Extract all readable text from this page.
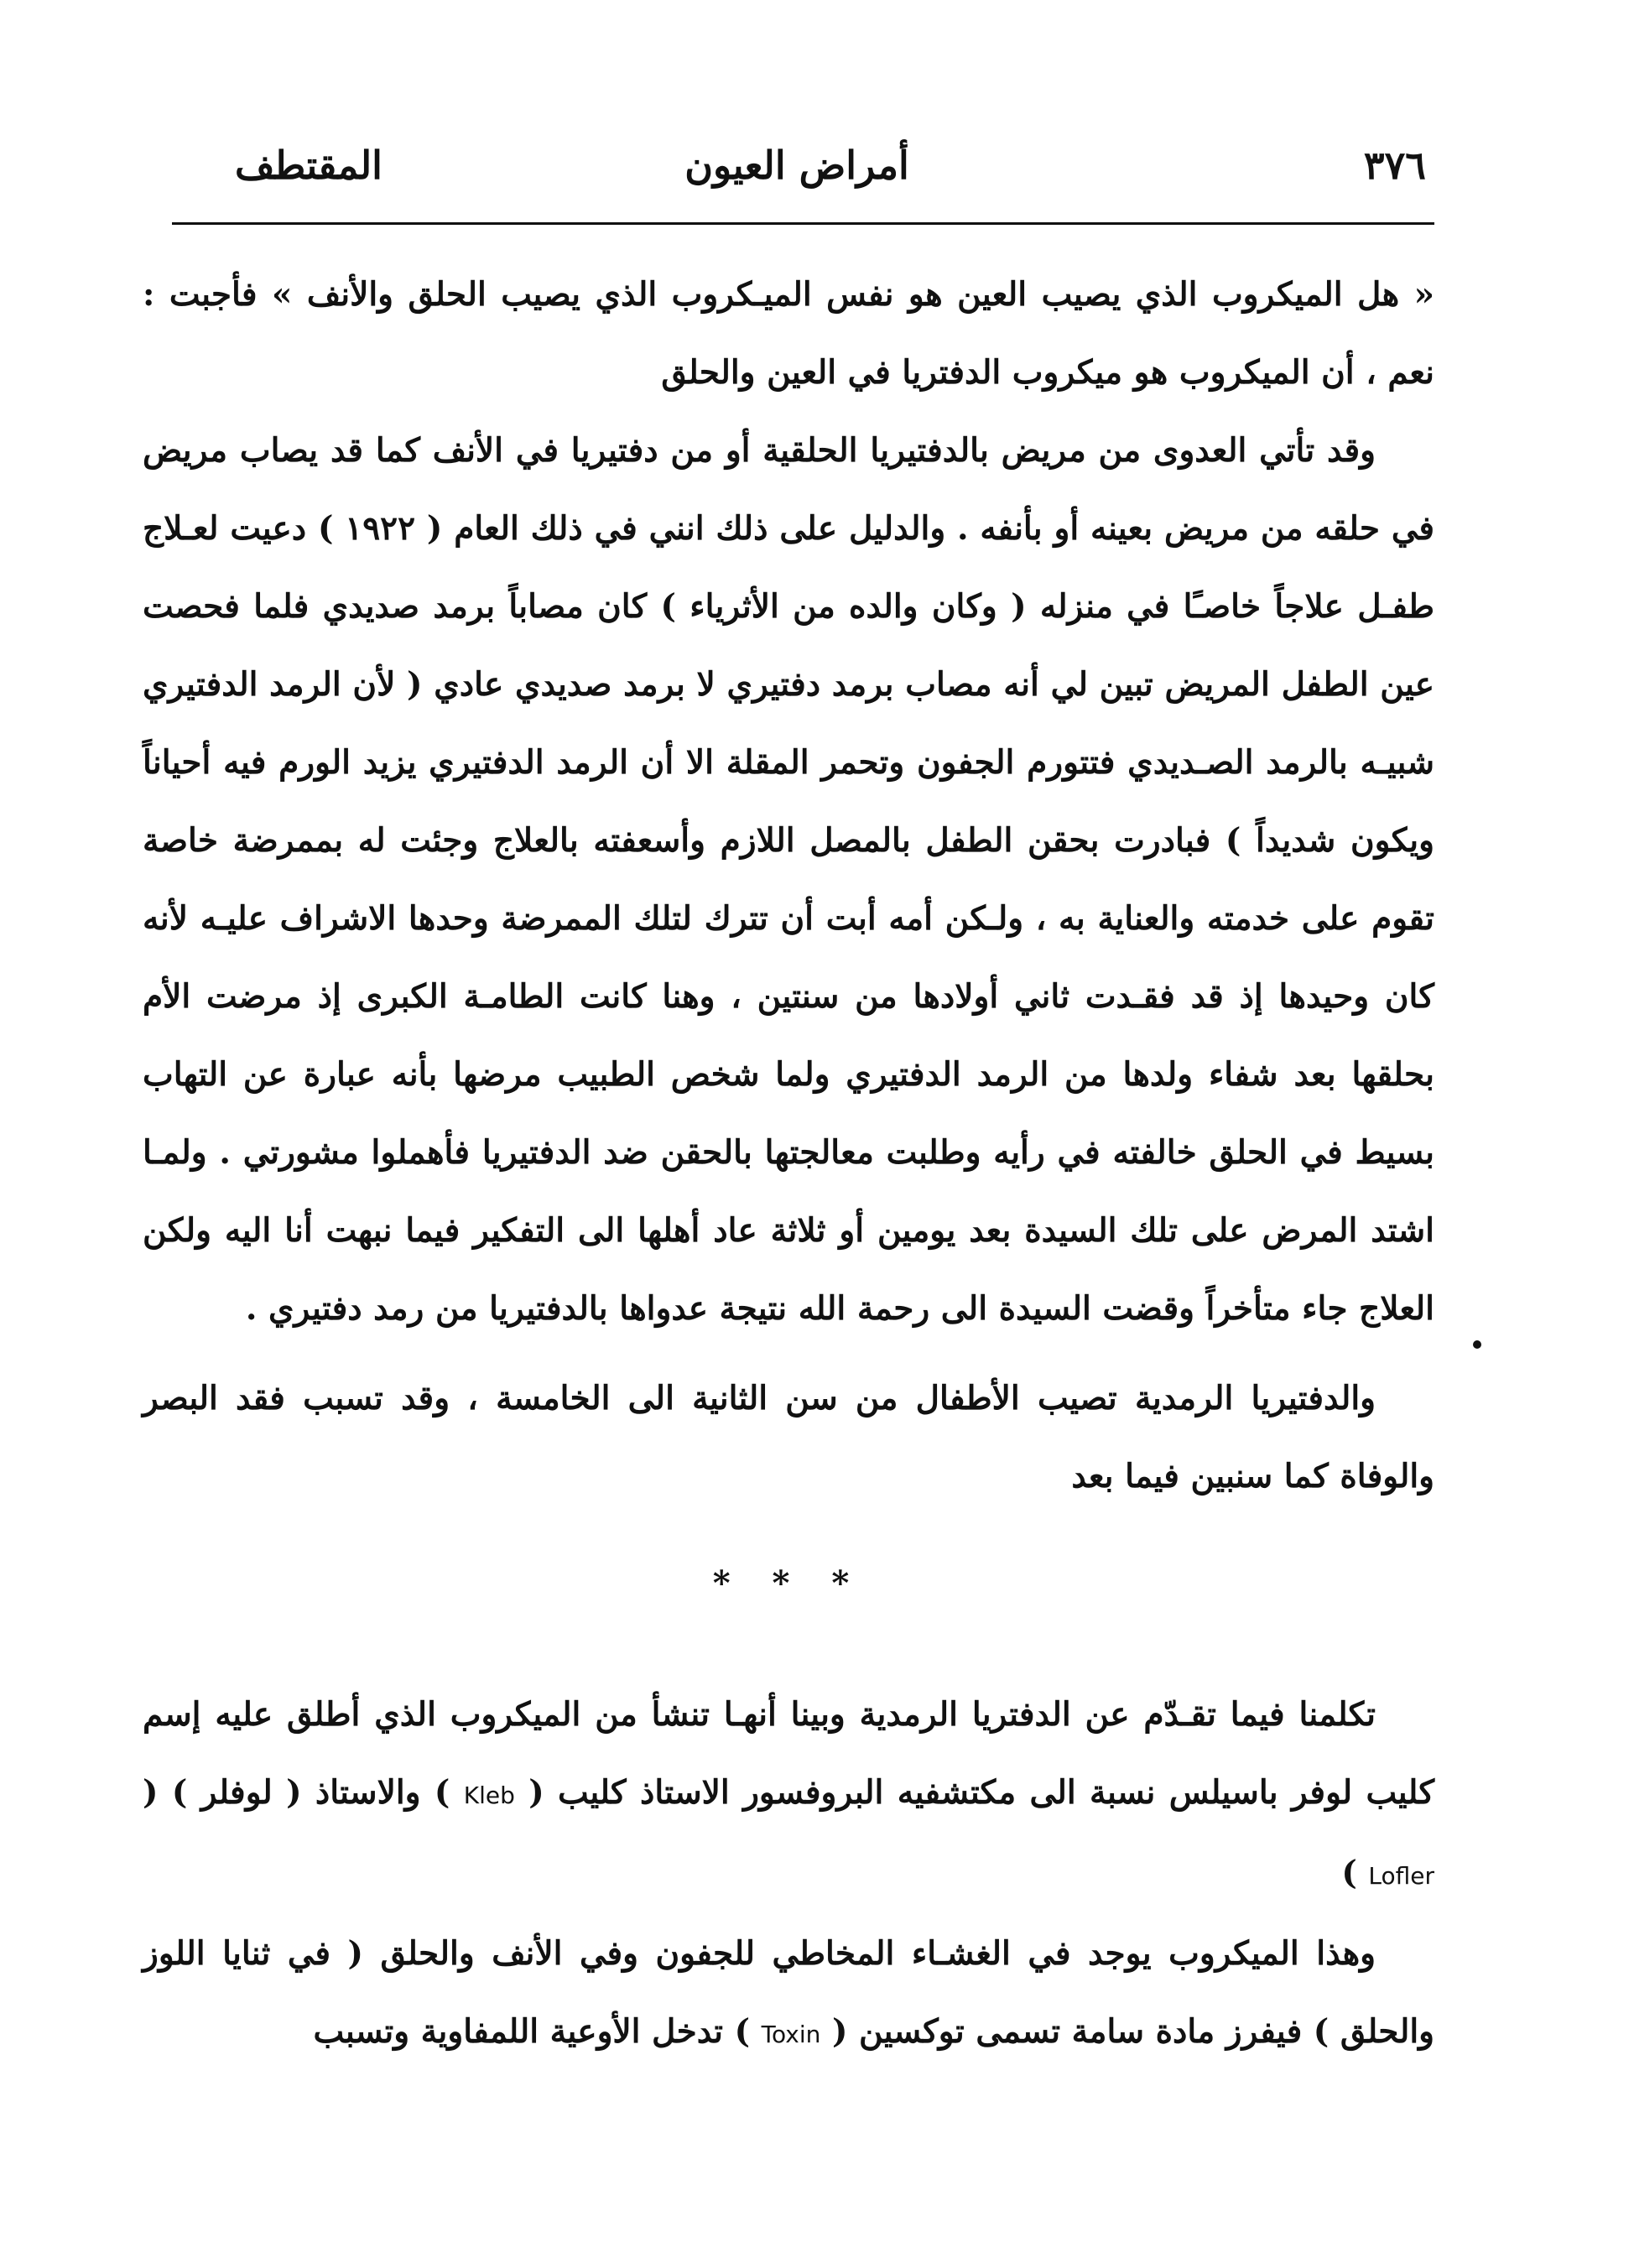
٣٧٦
أمراض العيون
المقتطف

« هل الميكروب الذي يصيب العين هو نفس الميـكروب الذي يصيب الحلق والأنف » فأجبت : نعم ، أن الميكروب هو ميكروب الدفتريا في العين والحلق

وقد تأتي العدوى من مريض بالدفتيريا الحلقية أو من دفتيريا في الأنف كما قد يصاب مريض في حلقه من مريض بعينه أو بأنفه . والدليل على ذلك انني في ذلك العام ( ١٩٢٢ ) دعيت لعـلاج طفـل علاجاً خاصـًا في منزله ( وكان والده من الأثرياء ) كان مصاباً برمد صديدي فلما فحصت عين الطفل المريض تبين لي أنه مصاب برمد دفتيري لا برمد صديدي عادي ( لأن الرمد الدفتيري شبيـه بالرمد الصـديدي فتتورم الجفون وتحمر المقلة الا أن الرمد الدفتيري يزيد الورم فيه أحياناً ويكون شديداً ) فبادرت بحقن الطفل بالمصل اللازم وأسعفته بالعلاج وجئت له بممرضة خاصة تقوم على خدمته والعناية به ، ولـكن أمه أبت أن تترك لتلك الممرضة وحدها الاشراف عليـه لأنه كان وحيدها إذ قد فقـدت ثاني أولادها من سنتين ، وهنا كانت الطامـة الكبرى إذ مرضت الأم بحلقها بعد شفاء ولدها من الرمد الدفتيري ولما شخص الطبيب مرضها بأنه عبارة عن التهاب بسيط في الحلق خالفته في رأيه وطلبت معالجتها بالحقن ضد الدفتيريا فأهملوا مشورتي . ولمـا اشتد المرض على تلك السيدة بعد يومين أو ثلاثة عاد أهلها الى التفكير فيما نبهت أنا اليه ولكن العلاج جاء متأخراً وقضت السيدة الى رحمة الله نتيجة عدواها بالدفتيريا من رمد دفتيري .

والدفتيريا الرمدية تصيب الأطفال من سن الثانية الى الخامسة ، وقد تسبب فقد البصر والوفاة كما سنبين فيما بعد

* * *

تكلمنا فيما تقـدّم عن الدفتريا الرمدية وبينا أنهـا تنشأ من الميكروب الذي أطلق عليه إسم كليب لوفر باسيلس نسبة الى مكتشفيه البروفسور الاستاذ كليب ( Kleb ) والاستاذ ( لوفلر ) ( Lofler )

وهذا الميكروب يوجد في الغشـاء المخاطي للجفون وفي الأنف والحلق ( في ثنايا اللوز والحلق ) فيفرز مادة سامة تسمى توكسين ( Toxin ) تدخل الأوعية اللمفاوية وتسبب
